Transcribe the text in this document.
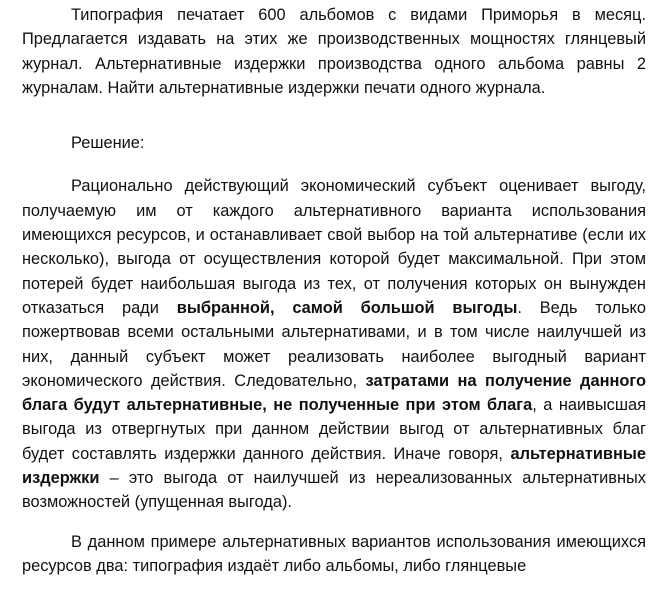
Типография печатает 600 альбомов с видами Приморья в месяц. Предлагается издавать на этих же производственных мощностях глянцевый журнал. Альтернативные издержки производства одного альбома равны 2 журналам. Найти альтернативные издержки печати одного журнала.

Решение:

Рационально действующий экономический субъект оценивает выгоду, получаемую им от каждого альтернативного варианта использования имеющихся ресурсов, и останавливает свой выбор на той альтернативе (если их несколько), выгода от осуществления которой будет максимальной. При этом потерей будет наибольшая выгода из тех, от получения которых он вынужден отказаться ради выбранной, самой большой выгоды. Ведь только пожертвовав всеми остальными альтернативами, и в том числе наилучшей из них, данный субъект может реализовать наиболее выгодный вариант экономического действия. Следовательно, затратами на получение данного блага будут альтернативные, не полученные при этом блага, а наивысшая выгода из отвергнутых при данном действии выгод от альтернативных благ будет составлять издержки данного действия. Иначе говоря, альтернативные издержки – это выгода от наилучшей из нереализованных альтернативных возможностей (упущенная выгода).

В данном примере альтернативных вариантов использования имеющихся ресурсов два: типография издаёт либо альбомы, либо глянцевые
